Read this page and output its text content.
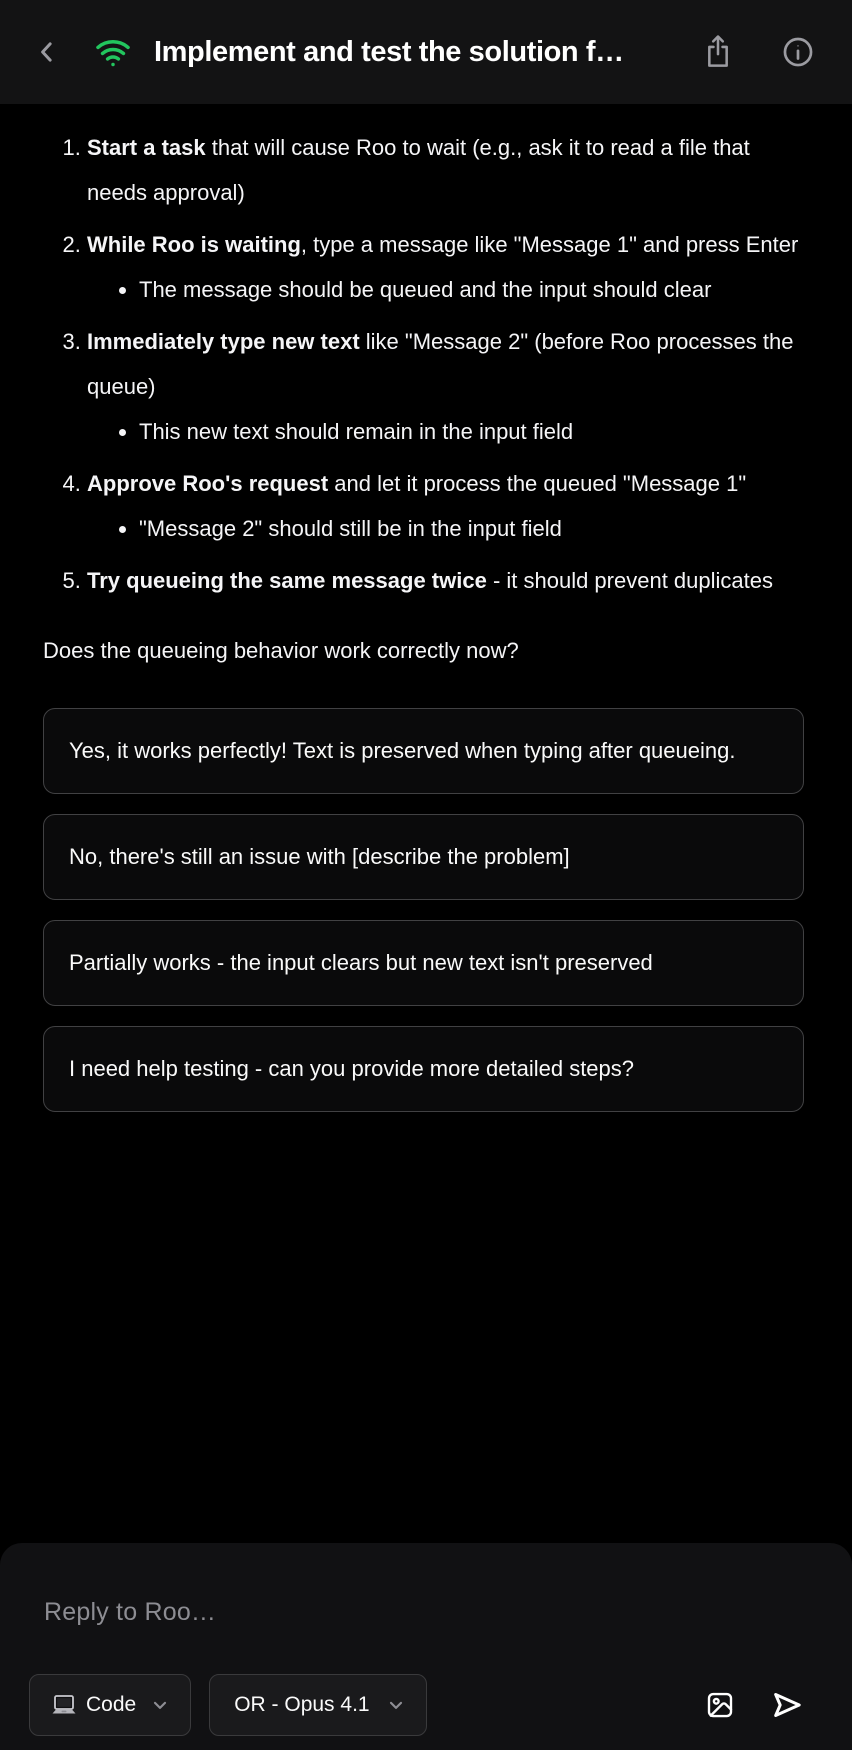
Implement and test the solution f…
1. Start a task that will cause Roo to wait (e.g., ask it to read a file that needs approval)
2. While Roo is waiting, type a message like "Message 1" and press Enter
• The message should be queued and the input should clear
3. Immediately type new text like "Message 2" (before Roo processes the queue)
• This new text should remain in the input field
4. Approve Roo's request and let it process the queued "Message 1"
• "Message 2" should still be in the input field
5. Try queueing the same message twice - it should prevent duplicates

Does the queueing behavior work correctly now?

Yes, it works perfectly! Text is preserved when typing after queueing.
No, there's still an issue with [describe the problem]
Partially works - the input clears but new text isn't preserved
I need help testing - can you provide more detailed steps?
Reply to Roo…
Code	OR - Opus 4.1
